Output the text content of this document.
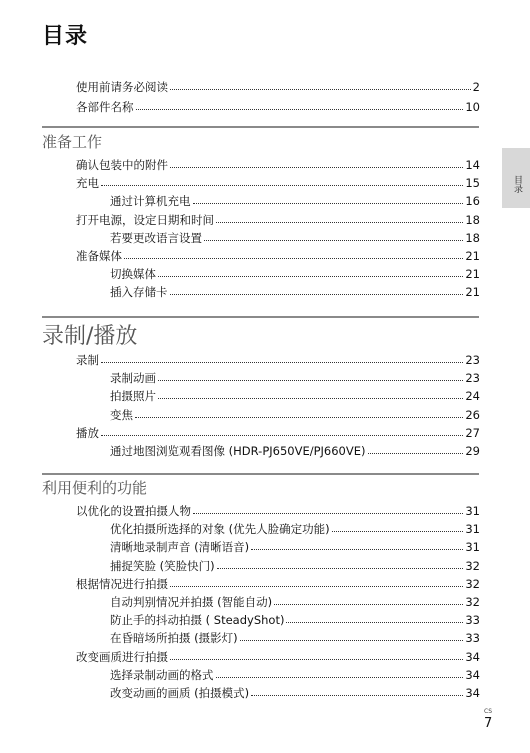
目录
目录
使用前请务必阅读	2
各部件名称	10
准备工作
确认包装中的附件	14
充电	15
通过计算机充电	16
打开电源，设定日期和时间	18
若要更改语言设置	18
准备媒体	21
切换媒体	21
插入存储卡	21
录制/播放
录制	23
录制动画	23
拍摄照片	24
变焦	26
播放	27
通过地图浏览观看图像 (HDR-PJ650VE/PJ660VE)	29
利用便利的功能
以优化的设置拍摄人物	31
优化拍摄所选择的对象 (优先人脸确定功能)	31
清晰地录制声音 (清晰语音)	31
捕捉笑脸 (笑脸快门)	32
根据情况进行拍摄	32
自动判别情况并拍摄 (智能自动)	32
防止手的抖动拍摄 ( SteadyShot)	33
在昏暗场所拍摄 (摄影灯)	33
改变画质进行拍摄	34
选择录制动画的格式	34
改变动画的画质 (拍摄模式)	34
CS
7
